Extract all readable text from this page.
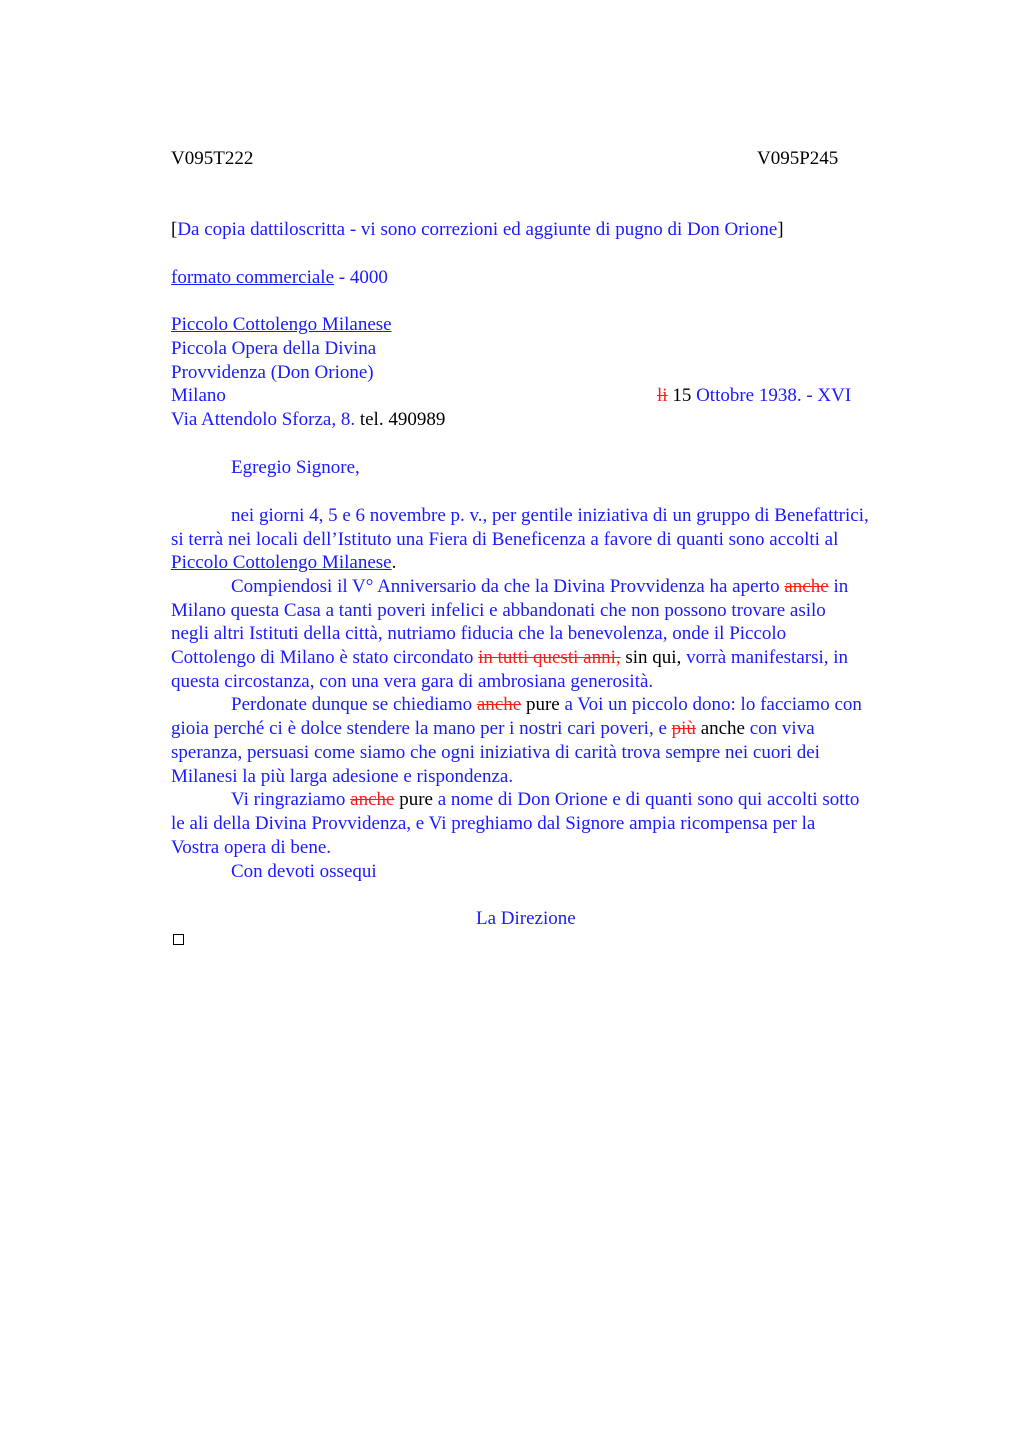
V095T222	V095P245
[Da copia dattiloscritta - vi sono correzioni ed aggiunte di pugno di Don Orione]
formato commerciale - 4000
Piccolo Cottolengo Milanese
Piccola Opera della Divina
Provvidenza (Don Orione)
Milano	li 15 Ottobre 1938. - XVI
Via Attendolo Sforza, 8. tel. 490989
Egregio Signore,
nei giorni 4, 5 e 6 novembre p. v., per gentile iniziativa di un gruppo di Benefattrici,
si terrà nei locali dell’Istituto una Fiera di Beneficenza a favore di quanti sono accolti al
Piccolo Cottolengo Milanese.
Compiendosi il V° Anniversario da che la Divina Provvidenza ha aperto anche in
Milano questa Casa a tanti poveri infelici e abbandonati che non possono trovare asilo
negli altri Istituti della città, nutriamo fiducia che la benevolenza, onde il Piccolo
Cottolengo di Milano è stato circondato in tutti questi anni, sin qui, vorrà manifestarsi, in
questa circostanza, con una vera gara di ambrosiana generosità.
Perdonate dunque se chiediamo anche pure a Voi un piccolo dono: lo facciamo con
gioia perché ci è dolce stendere la mano per i nostri cari poveri, e più anche con viva
speranza, persuasi come siamo che ogni iniziativa di carità trova sempre nei cuori dei
Milanesi la più larga adesione e rispondenza.
Vi ringraziamo anche pure a nome di Don Orione e di quanti sono qui accolti sotto
le ali della Divina Provvidenza, e Vi preghiamo dal Signore ampia ricompensa per la
Vostra opera di bene.
Con devoti ossequi
La Direzione
